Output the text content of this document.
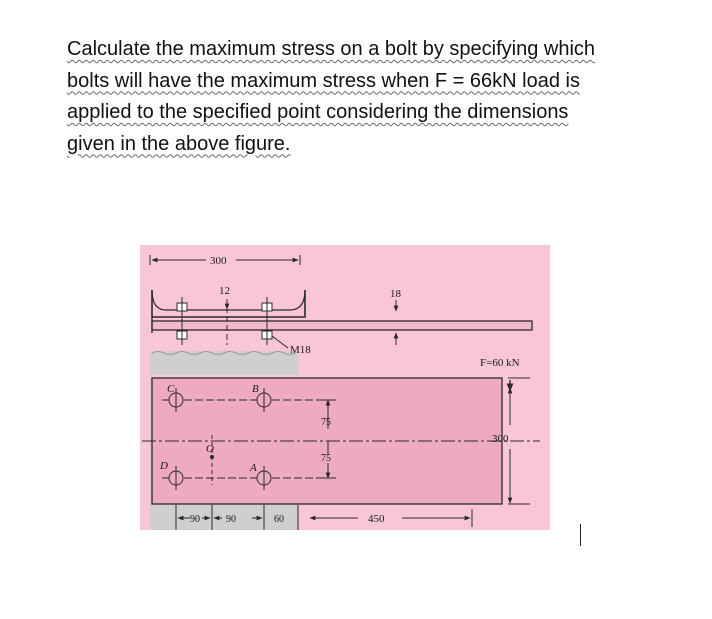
Calculate the maximum stress on a bolt by specifying which
bolts will have the maximum stress when F = 66kN load is
applied to the specified point considering the dimensions
given in the above figure.
300
12	18
M18
F=60 kN
300
75
75
90	90	60	450
C	B
D	A
O
